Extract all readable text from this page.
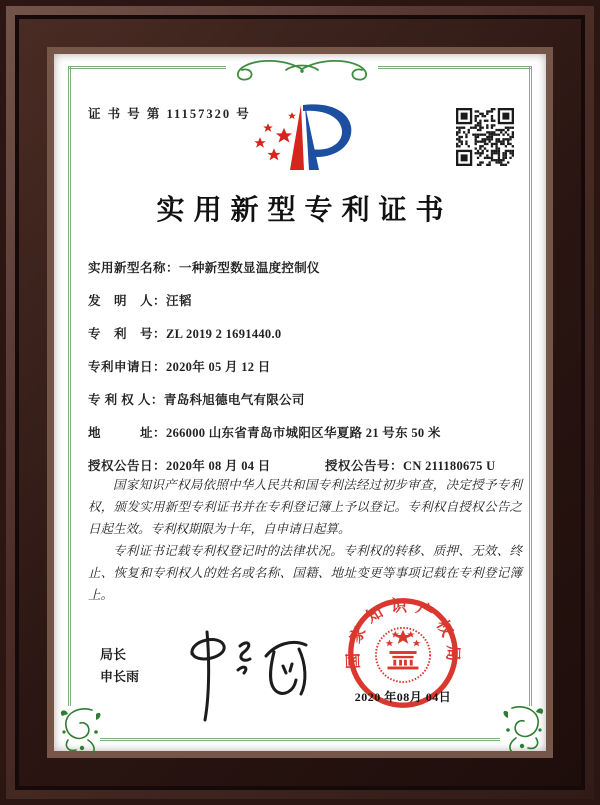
证 书 号 第 11157320 号
实用新型专利证书
实用新型名称：一种新型数显温度控制仪
发　明　人：汪韬
专　利　号：ZL 2019 2 1691440.0
专利申请日：2020年 05 月 12 日
专 利 权 人：青岛科旭德电气有限公司
地　　　址：266000 山东省青岛市城阳区华夏路 21 号东 50 米
授权公告日：2020年 08 月 04 日	授权公告号：CN 211180675 U

国家知识产权局依照中华人民共和国专利法经过初步审查，决定授予专利权，颁发实用新型专利证书并在专利登记簿上予以登记。专利权自授权公告之日起生效。专利权期限为十年，自申请日起算。

专利证书记载专利权登记时的法律状况。专利权的转移、质押、无效、终止、恢复和专利权人的姓名或名称、国籍、地址变更等事项记载在专利登记簿上。

局长
申长雨
国家知识产权局
2020 年08月 04日
